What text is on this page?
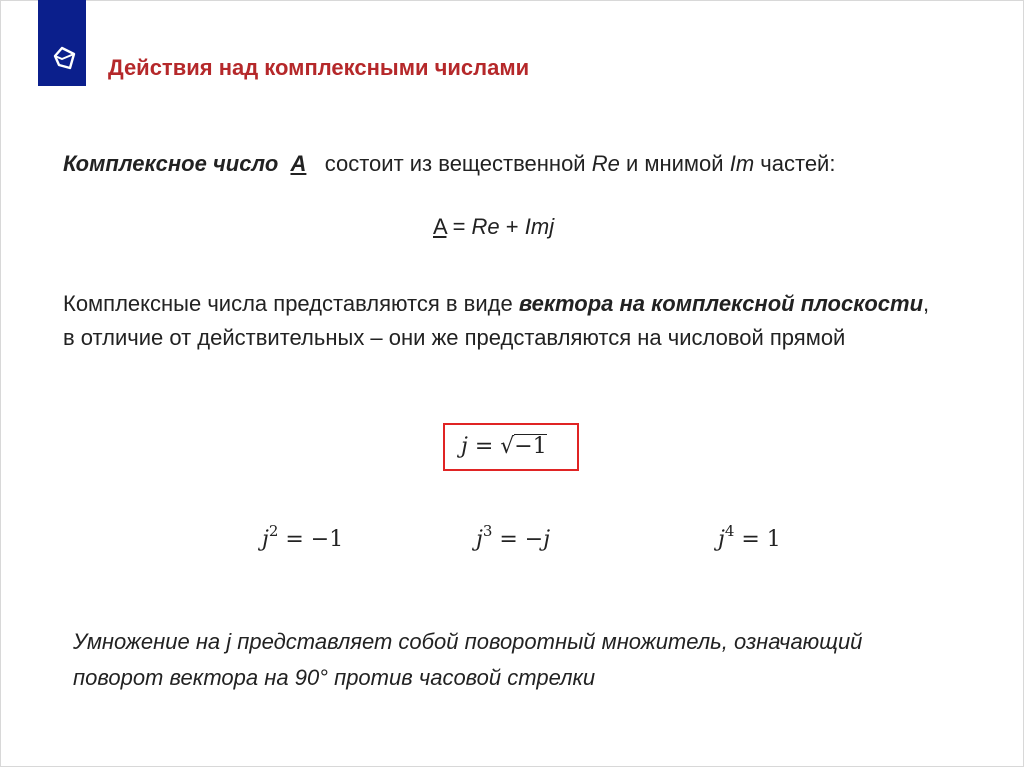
Действия над комплексными числами
Комплексное число A состоит из вещественной Re и мнимой Im частей:
A = Re + Imj
Комплексные числа представляются в виде вектора на комплексной плоскости, в отличие от действительных – они же представляются на числовой прямой
j = √−1
$j^2 = -1$	$j^3 = -j$	$j^4 = 1$
Умножение на j представляет собой поворотный множитель, означающий поворот вектора на 90° против часовой стрелки
